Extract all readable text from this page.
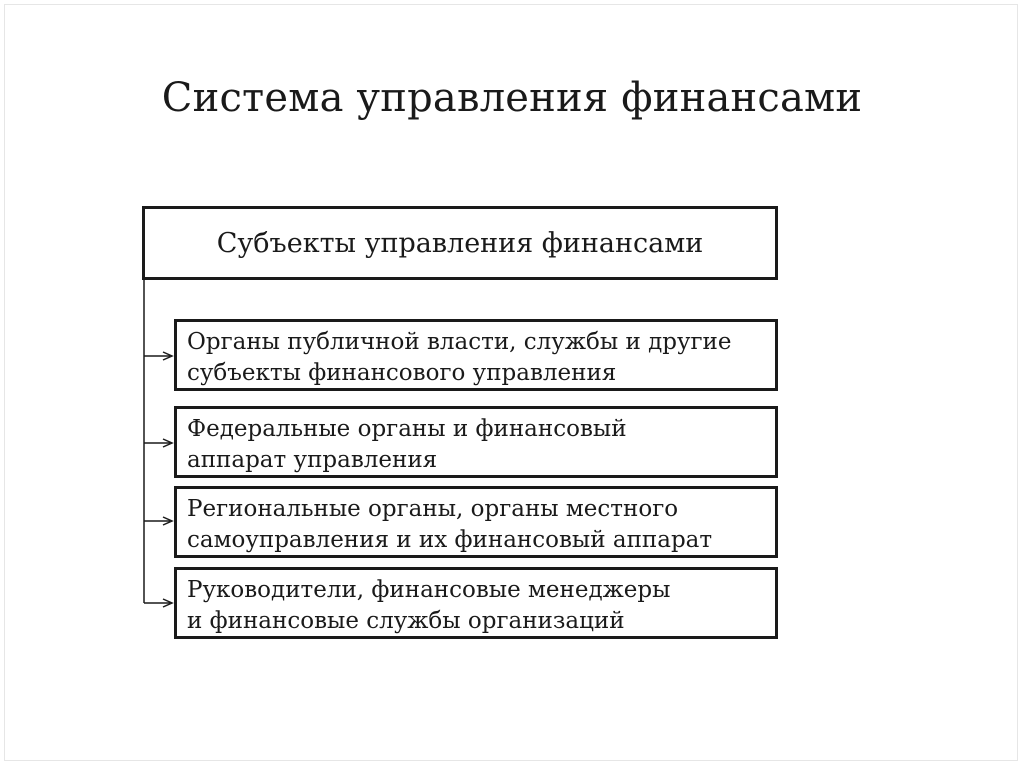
Система управления финансами
Субъекты управления финансами
Органы публичной власти, службы и другие
субъекты финансового управления
Федеральные органы и финансовый
аппарат управления
Региональные органы, органы местного
самоуправления и их финансовый аппарат
Руководители, финансовые менеджеры
и финансовые службы организаций
